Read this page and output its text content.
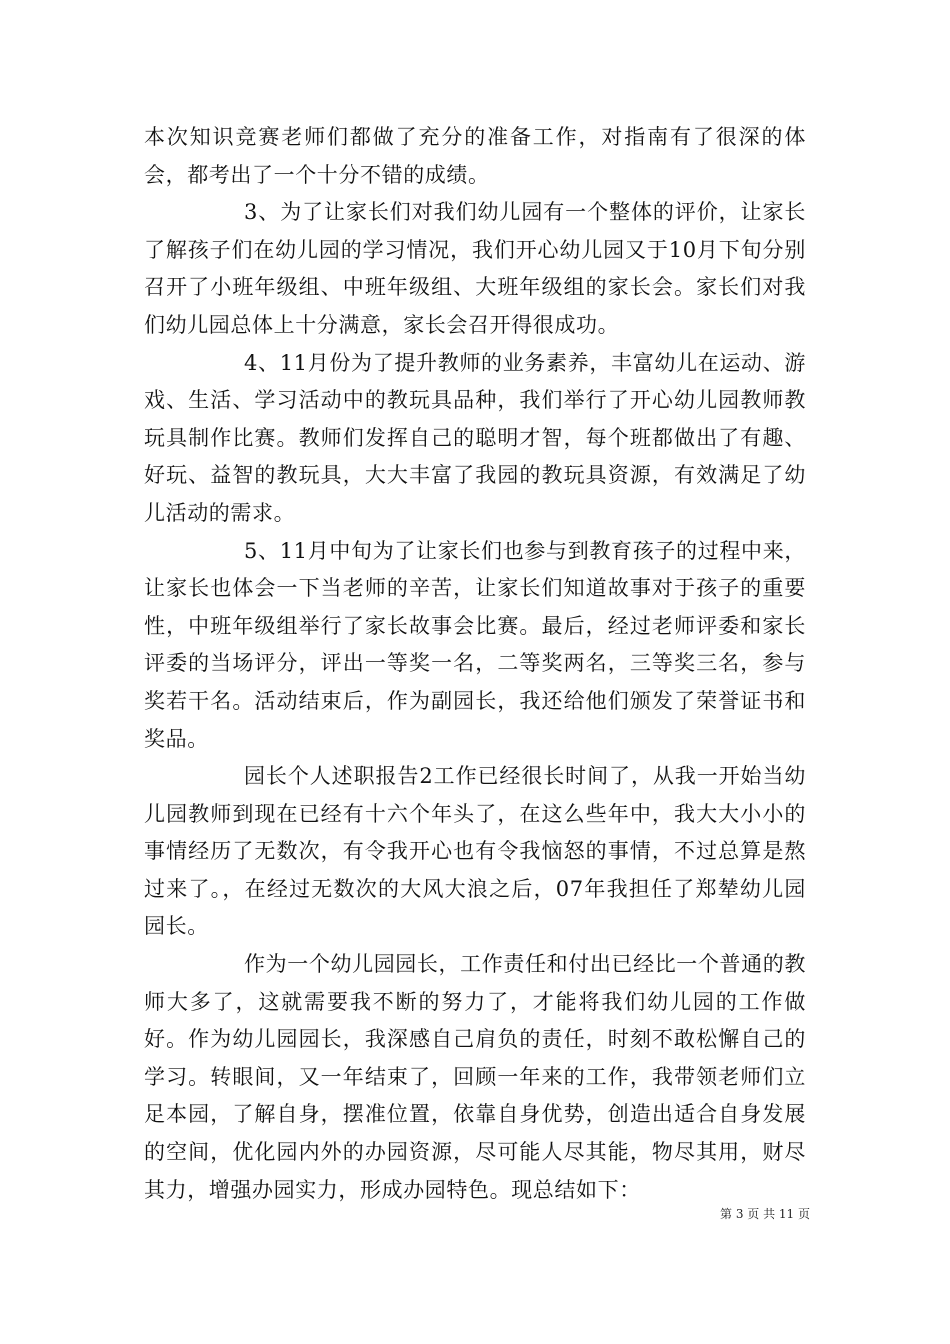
本次知识竞赛老师们都做了充分的准备工作，对指南有了很深的体会，都考出了一个十分不错的成绩。

3、为了让家长们对我们幼儿园有一个整体的评价，让家长了解孩子们在幼儿园的学习情况，我们开心幼儿园又于10月下旬分别召开了小班年级组、中班年级组、大班年级组的家长会。家长们对我们幼儿园总体上十分满意，家长会召开得很成功。

4、11月份为了提升教师的业务素养，丰富幼儿在运动、游戏、生活、学习活动中的教玩具品种，我们举行了开心幼儿园教师教玩具制作比赛。教师们发挥自己的聪明才智，每个班都做出了有趣、好玩、益智的教玩具，大大丰富了我园的教玩具资源，有效满足了幼儿活动的需求。

5、11月中旬为了让家长们也参与到教育孩子的过程中来，让家长也体会一下当老师的辛苦，让家长们知道故事对于孩子的重要性，中班年级组举行了家长故事会比赛。最后，经过老师评委和家长评委的当场评分，评出一等奖一名，二等奖两名，三等奖三名，参与奖若干名。活动结束后，作为副园长，我还给他们颁发了荣誉证书和奖品。

园长个人述职报告2工作已经很长时间了，从我一开始当幼儿园教师到现在已经有十六个年头了，在这么些年中，我大大小小的事情经历了无数次，有令我开心也有令我恼怒的事情，不过总算是熬过来了。，在经过无数次的大风大浪之后，07年我担任了郑辇幼儿园园长。

作为一个幼儿园园长，工作责任和付出已经比一个普通的教师大多了，这就需要我不断的努力了，才能将我们幼儿园的工作做好。作为幼儿园园长，我深感自己肩负的责任，时刻不敢松懈自己的学习。转眼间，又一年结束了，回顾一年来的工作，我带领老师们立足本园，了解自身，摆准位置，依靠自身优势，创造出适合自身发展的空间，优化园内外的办园资源，尽可能人尽其能，物尽其用，财尽其力，增强办园实力，形成办园特色。现总结如下：

第 3 页 共 11 页
